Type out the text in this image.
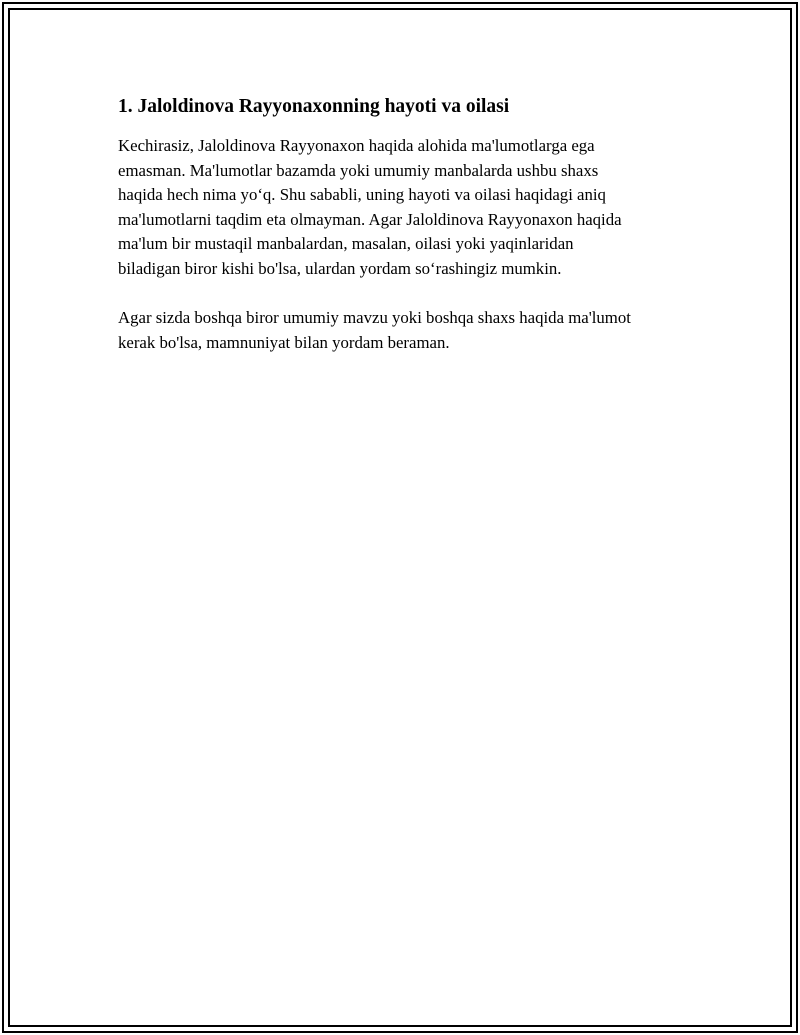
1. Jaloldinova Rayyonaxonning hayoti va oilasi

Kechirasiz, Jaloldinova Rayyonaxon haqida alohida ma'lumotlarga ega
emasman. Ma'lumotlar bazamda yoki umumiy manbalarda ushbu shaxs
haqida hech nima yo‘q. Shu sababli, uning hayoti va oilasi haqidagi aniq
ma'lumotlarni taqdim eta olmayman. Agar Jaloldinova Rayyonaxon haqida
ma'lum bir mustaqil manbalardan, masalan, oilasi yoki yaqinlaridan
biladigan biror kishi bo'lsa, ulardan yordam so‘rashingiz mumkin.

Agar sizda boshqa biror umumiy mavzu yoki boshqa shaxs haqida ma'lumot
kerak bo'lsa, mamnuniyat bilan yordam beraman.
